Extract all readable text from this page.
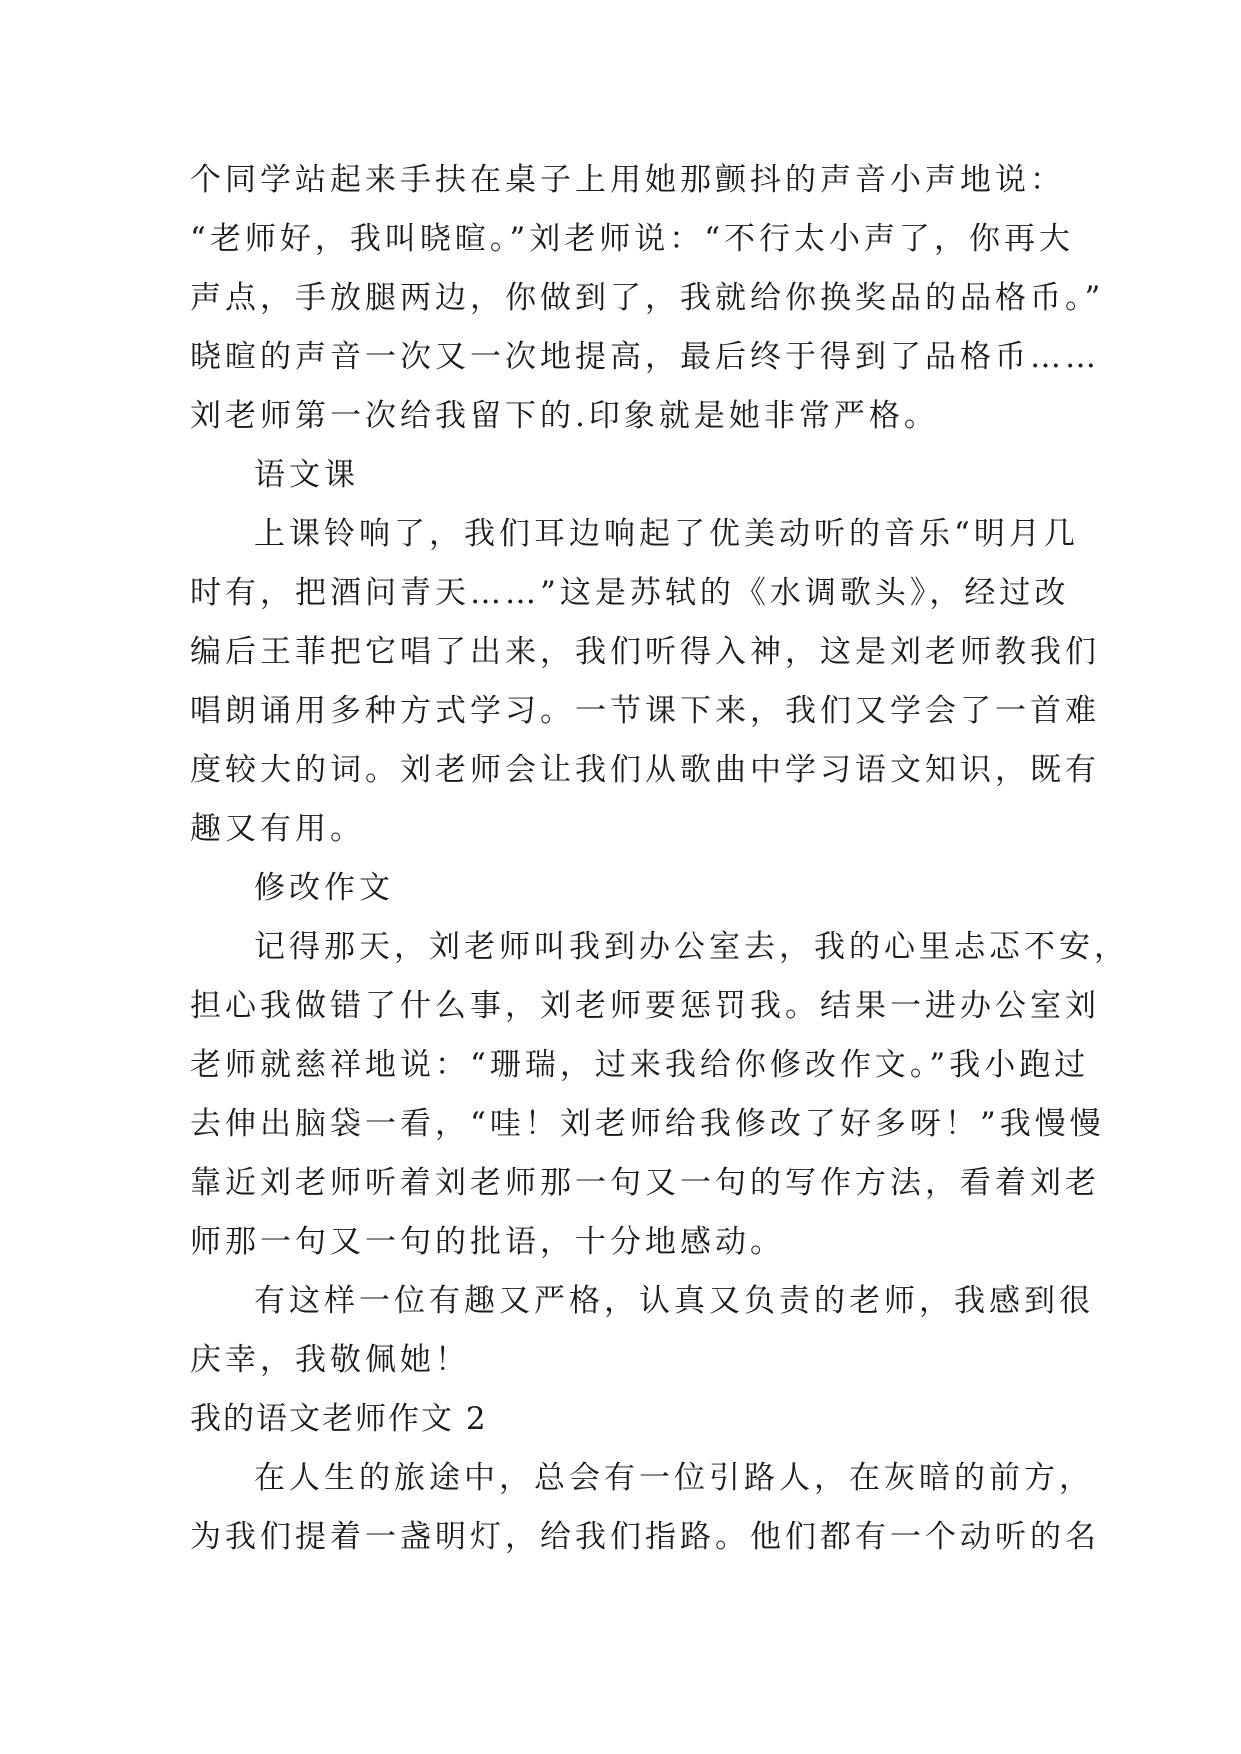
个同学站起来手扶在桌子上用她那颤抖的声音小声地说：
“老师好，我叫晓暄。”刘老师说：“不行太小声了，你再大
声点，手放腿两边，你做到了，我就给你换奖品的品格币。”
晓暄的声音一次又一次地提高，最后终于得到了品格币……
刘老师第一次给我留下的.印象就是她非常严格。
语文课
上课铃响了，我们耳边响起了优美动听的音乐“明月几
时有，把酒问青天……”这是苏轼的《水调歌头》，经过改
编后王菲把它唱了出来，我们听得入神，这是刘老师教我们
唱朗诵用多种方式学习。一节课下来，我们又学会了一首难
度较大的词。刘老师会让我们从歌曲中学习语文知识，既有
趣又有用。
修改作文
记得那天，刘老师叫我到办公室去，我的心里忐忑不安，
担心我做错了什么事，刘老师要惩罚我。结果一进办公室刘
老师就慈祥地说：“珊瑞，过来我给你修改作文。”我小跑过
去伸出脑袋一看，“哇！刘老师给我修改了好多呀！”我慢慢
靠近刘老师听着刘老师那一句又一句的写作方法，看着刘老
师那一句又一句的批语，十分地感动。
有这样一位有趣又严格，认真又负责的老师，我感到很
庆幸，我敬佩她！
我的语文老师作文 2
在人生的旅途中，总会有一位引路人，在灰暗的前方，
为我们提着一盏明灯，给我们指路。他们都有一个动听的名
